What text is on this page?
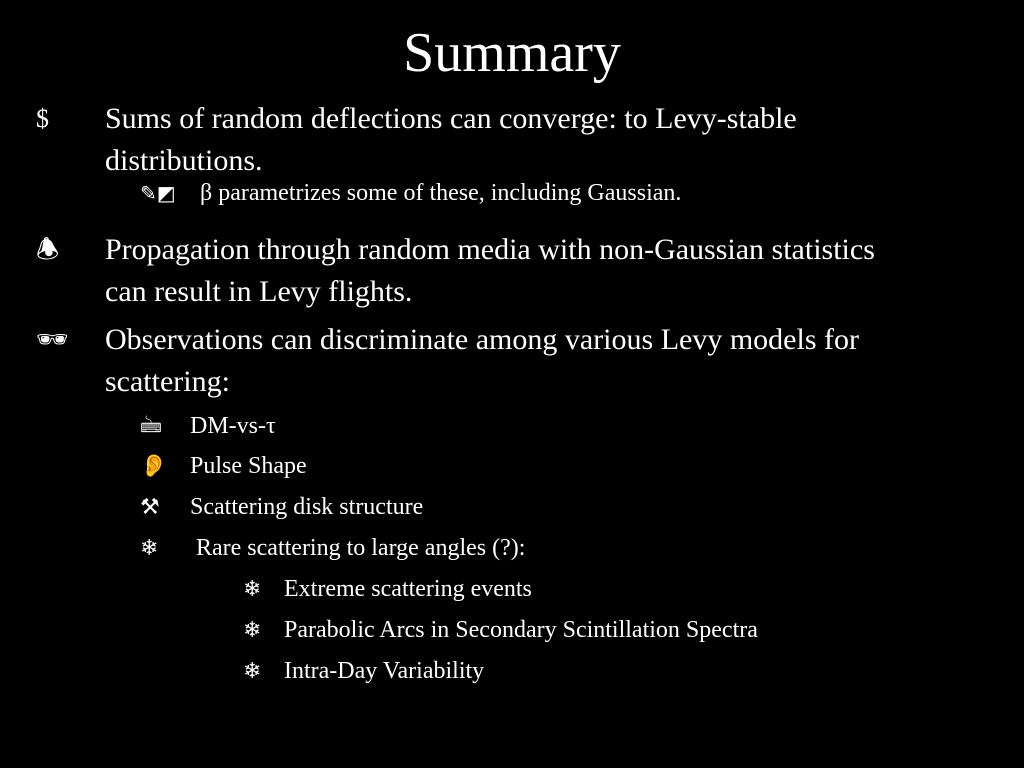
Summary
$	Sums of random deflections can converge: to Levy-stable
distributions.
✎◩ β parametrizes some of these, including Gaussian.
🕭	Propagation through random media with non-Gaussian statistics
can result in Levy flights.
🕶	Observations can discriminate among various Levy models for
scattering:
🖮	DM-vs-τ
👂 Pulse Shape
⚒	Scattering disk structure
❄	Rare scattering to large angles (?):
❄ Extreme scattering events
❄ Parabolic Arcs in Secondary Scintillation Spectra
❄ Intra-Day Variability
